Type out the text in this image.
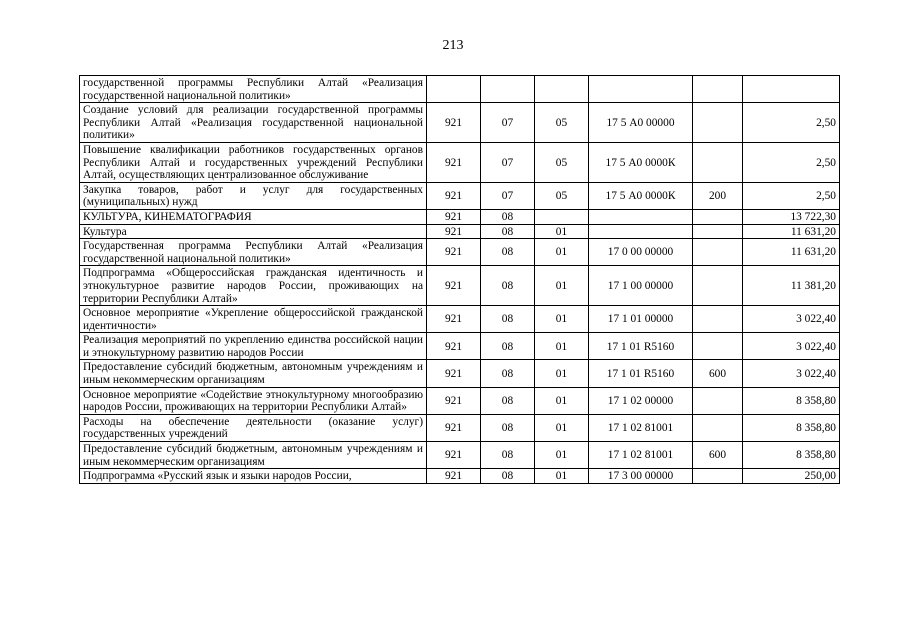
213
государственной программы Республики Алтай «Реализация государственной национальной политики»						
Создание условий для реализации государственной программы Республики Алтай «Реализация государственной национальной политики»	921	07	05	17 5 А0 00000		2,50
Повышение квалификации работников государственных органов Республики Алтай и государственных учреждений Республики Алтай, осуществляющих централизованное обслуживание	921	07	05	17 5 А0 0000К		2,50
Закупка товаров, работ и услуг для государственных (муниципальных) нужд	921	07	05	17 5 А0 0000К	200	2,50
КУЛЬТУРА, КИНЕМАТОГРАФИЯ	921	08				13 722,30
Культура	921	08	01			11 631,20
Государственная программа Республики Алтай «Реализация государственной национальной политики»	921	08	01	17 0 00 00000		11 631,20
Подпрограмма «Общероссийская гражданская идентичность и этнокультурное развитие народов России, проживающих на территории Республики Алтай»	921	08	01	17 1 00 00000		11 381,20
Основное мероприятие «Укрепление общероссийской гражданской идентичности»	921	08	01	17 1 01 00000		3 022,40
Реализация мероприятий по укреплению единства российской нации и этнокультурному развитию народов России	921	08	01	17 1 01 R5160		3 022,40
Предоставление субсидий бюджетным, автономным учреждениям и иным некоммерческим организациям	921	08	01	17 1 01 R5160	600	3 022,40
Основное мероприятие «Содействие этнокультурному многообразию народов России, проживающих на территории Республики Алтай»	921	08	01	17 1 02 00000		8 358,80
Расходы на обеспечение деятельности (оказание услуг) государственных учреждений	921	08	01	17 1 02 81001		8 358,80
Предоставление субсидий бюджетным, автономным учреждениям и иным некоммерческим организациям	921	08	01	17 1 02 81001	600	8 358,80
Подпрограмма «Русский язык и языки народов России,	921	08	01	17 3 00 00000		250,00
